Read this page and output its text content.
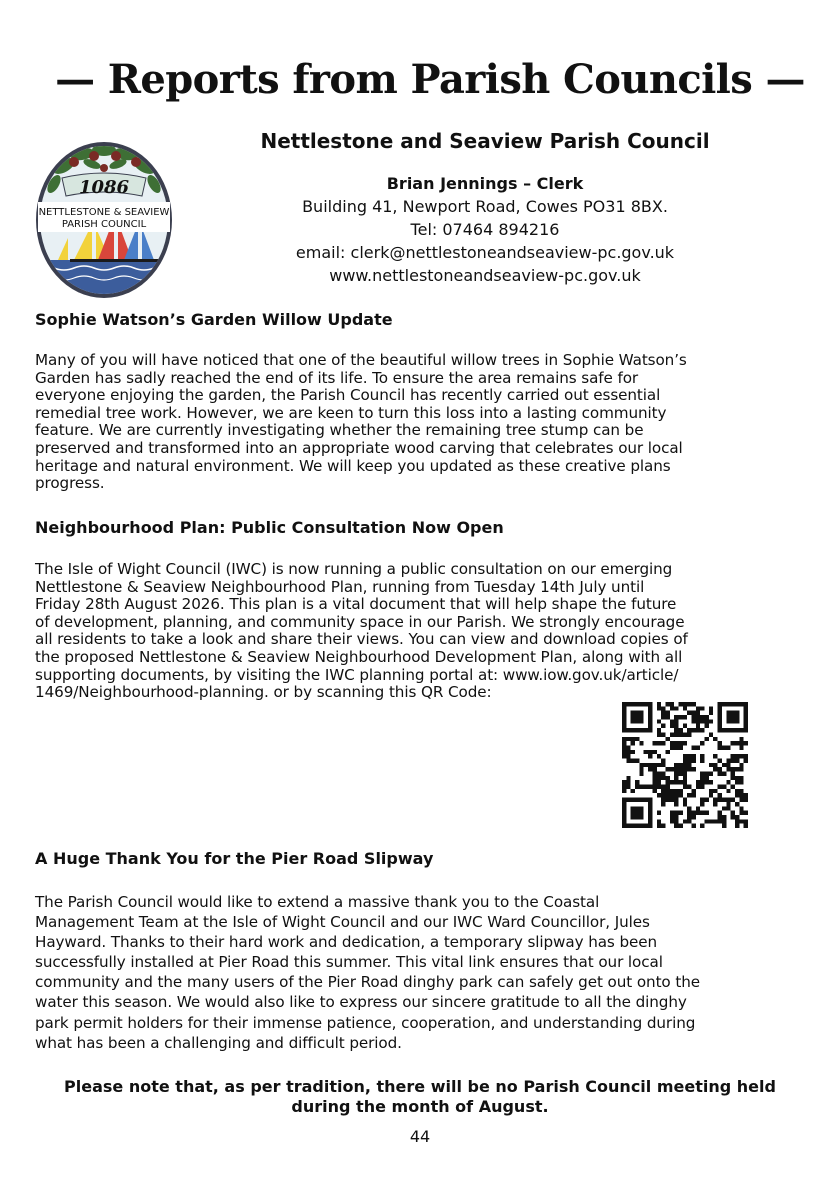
— Reports from Parish Councils —
1086
NETTLESTONE & SEAVIEW
PARISH COUNCIL
Nettlestone and Seaview Parish Council
Brian Jennings – Clerk
Building 41, Newport Road, Cowes PO31 8BX.
Tel: 07464 894216
email: clerk@nettlestoneandseaview-pc.gov.uk
www.nettlestoneandseaview-pc.gov.uk
Sophie Watson’s Garden Willow Update
Many of you will have noticed that one of the beautiful willow trees in Sophie Watson’s
Garden has sadly reached the end of its life. To ensure the area remains safe for
everyone enjoying the garden, the Parish Council has recently carried out essential
remedial tree work. However, we are keen to turn this loss into a lasting community
feature. We are currently investigating whether the remaining tree stump can be
preserved and transformed into an appropriate wood carving that celebrates our local
heritage and natural environment. We will keep you updated as these creative plans
progress.
Neighbourhood Plan: Public Consultation Now Open
The Isle of Wight Council (IWC) is now running a public consultation on our emerging
Nettlestone & Seaview Neighbourhood Plan, running from Tuesday 14th July until
Friday 28th August 2026. This plan is a vital document that will help shape the future
of development, planning, and community space in our Parish. We strongly encourage
all residents to take a look and share their views. You can view and download copies of
the proposed Nettlestone & Seaview Neighbourhood Development Plan, along with all
supporting documents, by visiting the IWC planning portal at: www.iow.gov.uk/article/
1469/Neighbourhood-planning. or by scanning this QR Code:
A Huge Thank You for the Pier Road Slipway
The Parish Council would like to extend a massive thank you to the Coastal
Management Team at the Isle of Wight Council and our IWC Ward Councillor, Jules
Hayward. Thanks to their hard work and dedication, a temporary slipway has been
successfully installed at Pier Road this summer. This vital link ensures that our local
community and the many users of the Pier Road dinghy park can safely get out onto the
water this season. We would also like to express our sincere gratitude to all the dinghy
park permit holders for their immense patience, cooperation, and understanding during
what has been a challenging and difficult period.
Please note that, as per tradition, there will be no Parish Council meeting held
during the month of August.
44
